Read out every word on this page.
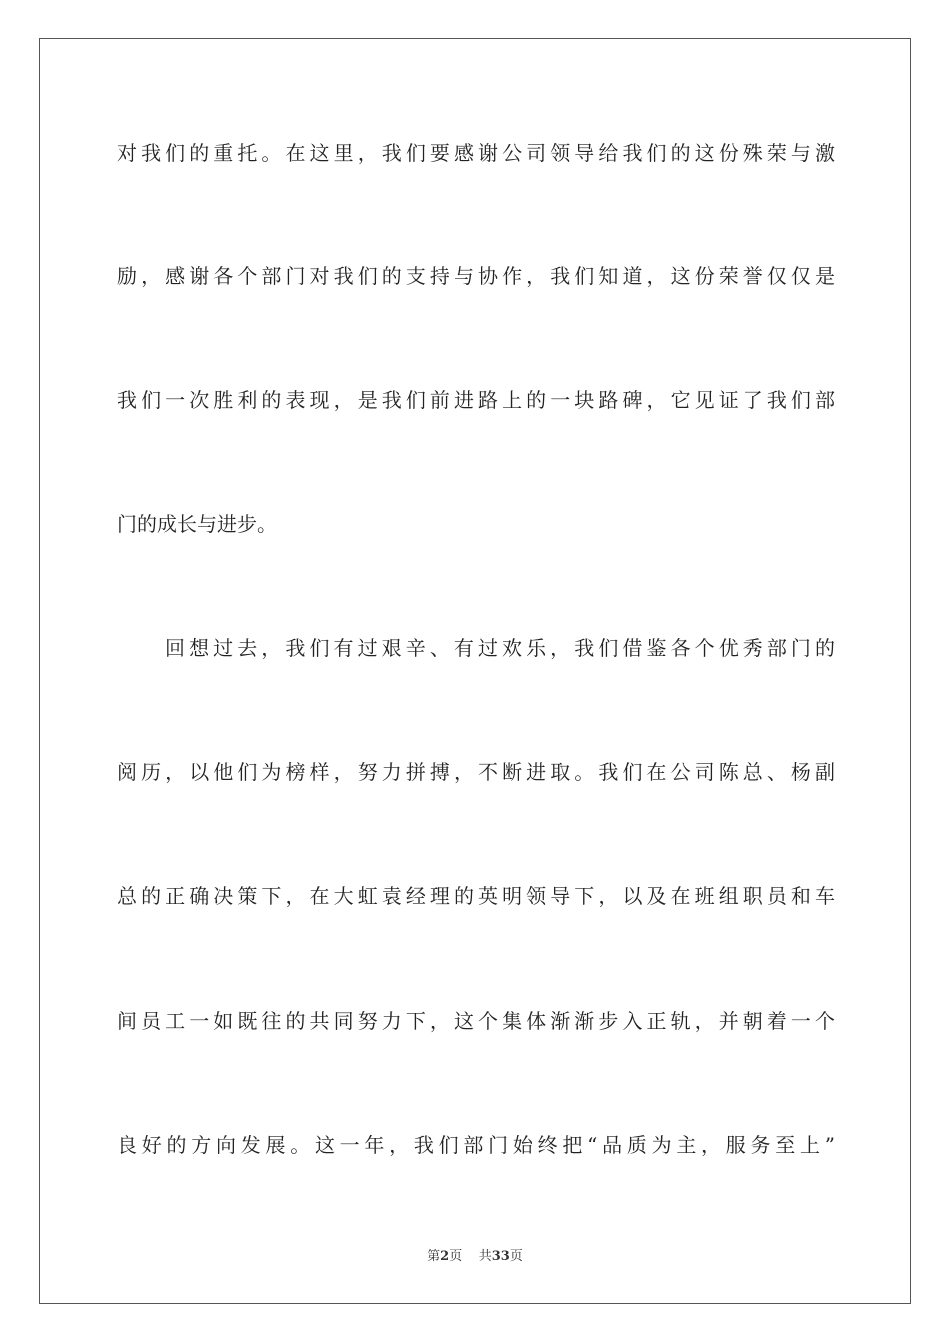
对我们的重托。在这里，我们要感谢公司领导给我们的这份殊荣与激
励，感谢各个部门对我们的支持与协作，我们知道，这份荣誉仅仅是
我们一次胜利的表现，是我们前进路上的一块路碑，它见证了我们部
门的成长与进步。
回想过去，我们有过艰辛、有过欢乐，我们借鉴各个优秀部门的
阅历，以他们为榜样，努力拼搏，不断进取。我们在公司陈总、杨副
总的正确决策下，在大虹袁经理的英明领导下，以及在班组职员和车
间员工一如既往的共同努力下，这个集体渐渐步入正轨，并朝着一个
良好的方向发展。这一年，我们部门始终把“品质为主，服务至上”
第2页 共33页
